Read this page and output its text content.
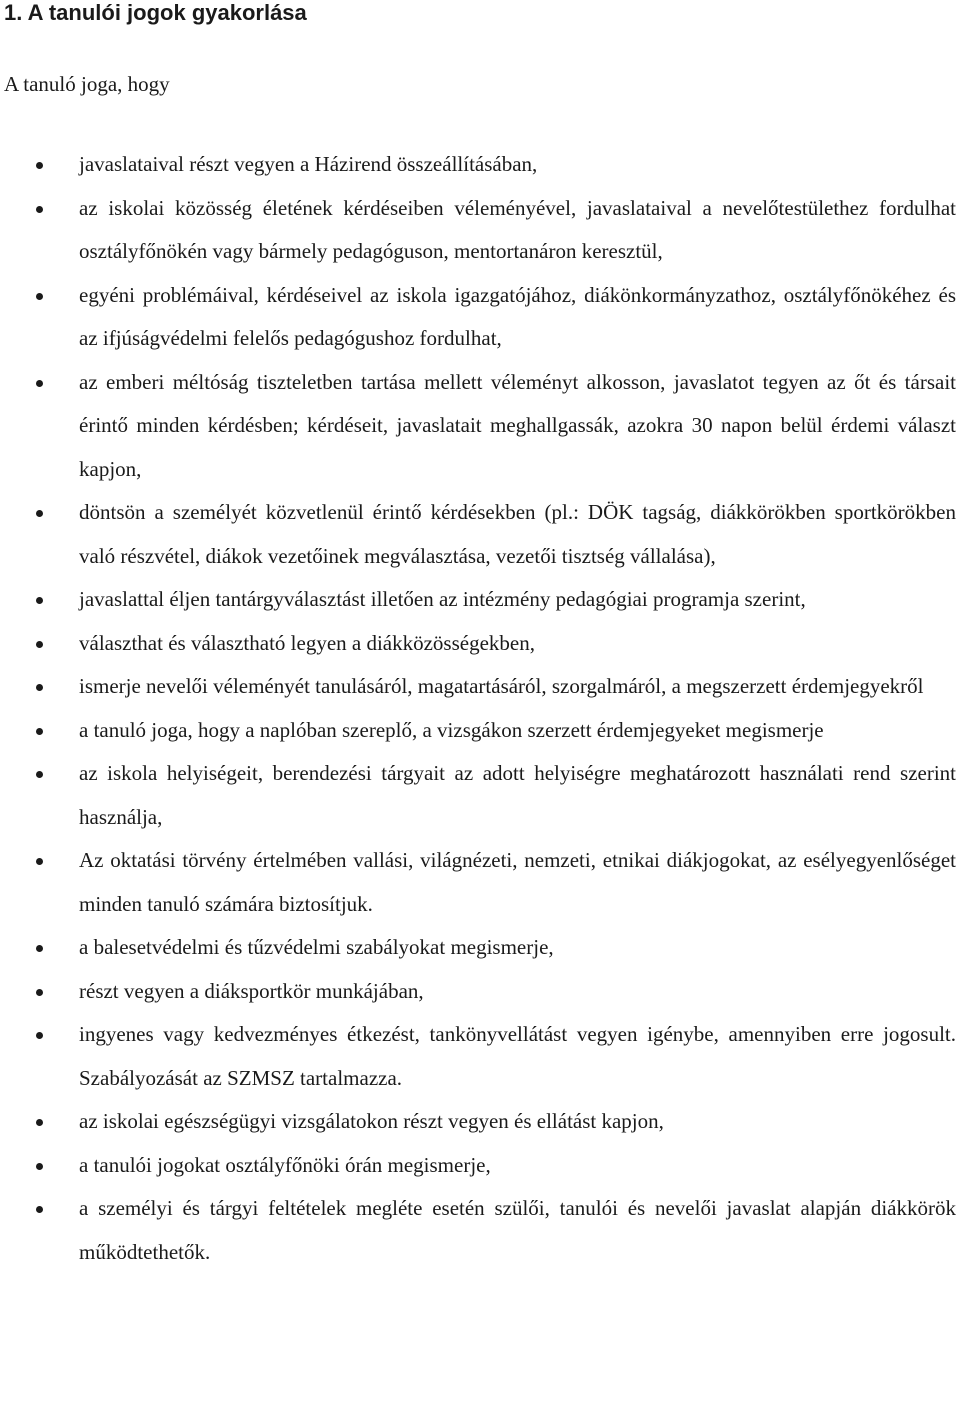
1. A tanulói jogok gyakorlása

A tanuló joga, hogy

javaslataival részt vegyen a Házirend összeállításában,
az iskolai közösség életének kérdéseiben véleményével, javaslataival a nevelőtestülethez fordulhat osztályfőnökén vagy bármely pedagóguson, mentortanáron keresztül,
egyéni problémáival, kérdéseivel az iskola igazgatójához, diákönkormányzathoz, osztályfőnökéhez és az ifjúságvédelmi felelős pedagógushoz fordulhat,
az emberi méltóság tiszteletben tartása mellett véleményt alkosson, javaslatot tegyen az őt és társait érintő minden kérdésben; kérdéseit, javaslatait meghallgassák, azokra 30 napon belül érdemi választ kapjon,
döntsön a személyét közvetlenül érintő kérdésekben (pl.: DÖK tagság, diákkörökben sportkörökben való részvétel, diákok vezetőinek megválasztása, vezetői tisztség vállalása),
javaslattal éljen tantárgyválasztást illetően az intézmény pedagógiai programja szerint,
választhat és választható legyen a diákközösségekben,
ismerje nevelői véleményét tanulásáról, magatartásáról, szorgalmáról, a megszerzett érdemjegyekről
a tanuló joga, hogy a naplóban szereplő, a vizsgákon szerzett érdemjegyeket megismerje
az iskola helyiségeit, berendezési tárgyait az adott helyiségre meghatározott használati rend szerint használja,
Az oktatási törvény értelmében vallási, világnézeti, nemzeti, etnikai diákjogokat, az esélyegyenlőséget minden tanuló számára biztosítjuk.
a balesetvédelmi és tűzvédelmi szabályokat megismerje,
részt vegyen a diáksportkör munkájában,
ingyenes vagy kedvezményes étkezést, tankönyvellátást vegyen igénybe, amennyiben erre jogosult. Szabályozását az SZMSZ tartalmazza.
az iskolai egészségügyi vizsgálatokon részt vegyen és ellátást kapjon,
a tanulói jogokat osztályfőnöki órán megismerje,
a személyi és tárgyi feltételek megléte esetén szülői, tanulói és nevelői javaslat alapján diákkörök működtethetők.
